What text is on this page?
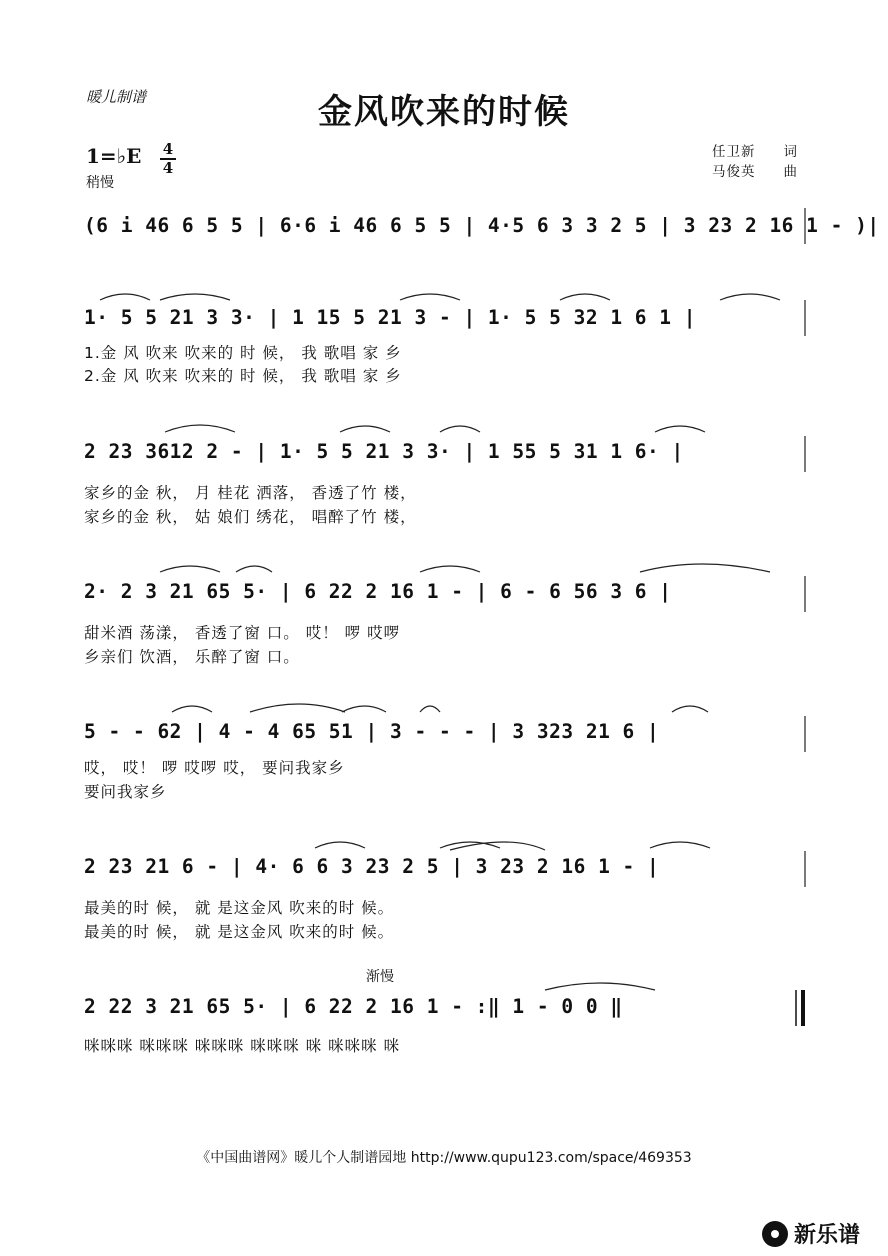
暖儿制谱	金风吹来的时候
1=♭E 4
4
稍慢
任卫新 词
马俊英 曲
(6 i 46 6 5 5 | 6·6 i 46 6 5 5 | 4·5 6 3 3 2 5 | 3 23 2 16 1 - )|
1· 5 5 21 3 3· | 1 15 5 21 3 - | 1· 5 5 32 1 6 1 |
1.金 风 吹来 吹来的 时 候， 我 歌唱 家 乡
2.金 风 吹来 吹来的 时 候， 我 歌唱 家 乡
2 23 3612 2 - | 1· 5 5 21 3 3· | 1 55 5 31 1 6· |
家乡的金 秋， 月 桂花 洒落， 香透了竹 楼，
家乡的金 秋， 姑 娘们 绣花， 唱醉了竹 楼，
2· 2 3 21 65 5· | 6 22 2 16 1 - | 6 - 6 56 3 6 |
甜米酒 荡漾， 香透了窗 口。 哎！ 啰 哎啰
乡亲们 饮酒， 乐醉了窗 口。
5 - - 62 | 4 - 4 65 51 | 3 - - - | 3 323 21 6 |
哎， 哎！ 啰 哎啰 哎， 要问我家乡
要问我家乡
2 23 21 6 - | 4· 6 6 3 23 2 5 | 3 23 2 16 1 - |
最美的时 候， 就 是这金风 吹来的时 候。
最美的时 候， 就 是这金风 吹来的时 候。
渐慢
2 22 3 21 65 5· | 6 22 2 16 1 - :‖ 1 - 0 0 ‖
咪咪咪 咪咪咪 咪咪咪 咪咪咪 咪 咪咪咪 咪
《中国曲谱网》暖儿个人制谱园地 http://www.qupu123.com/space/469353
新乐谱
